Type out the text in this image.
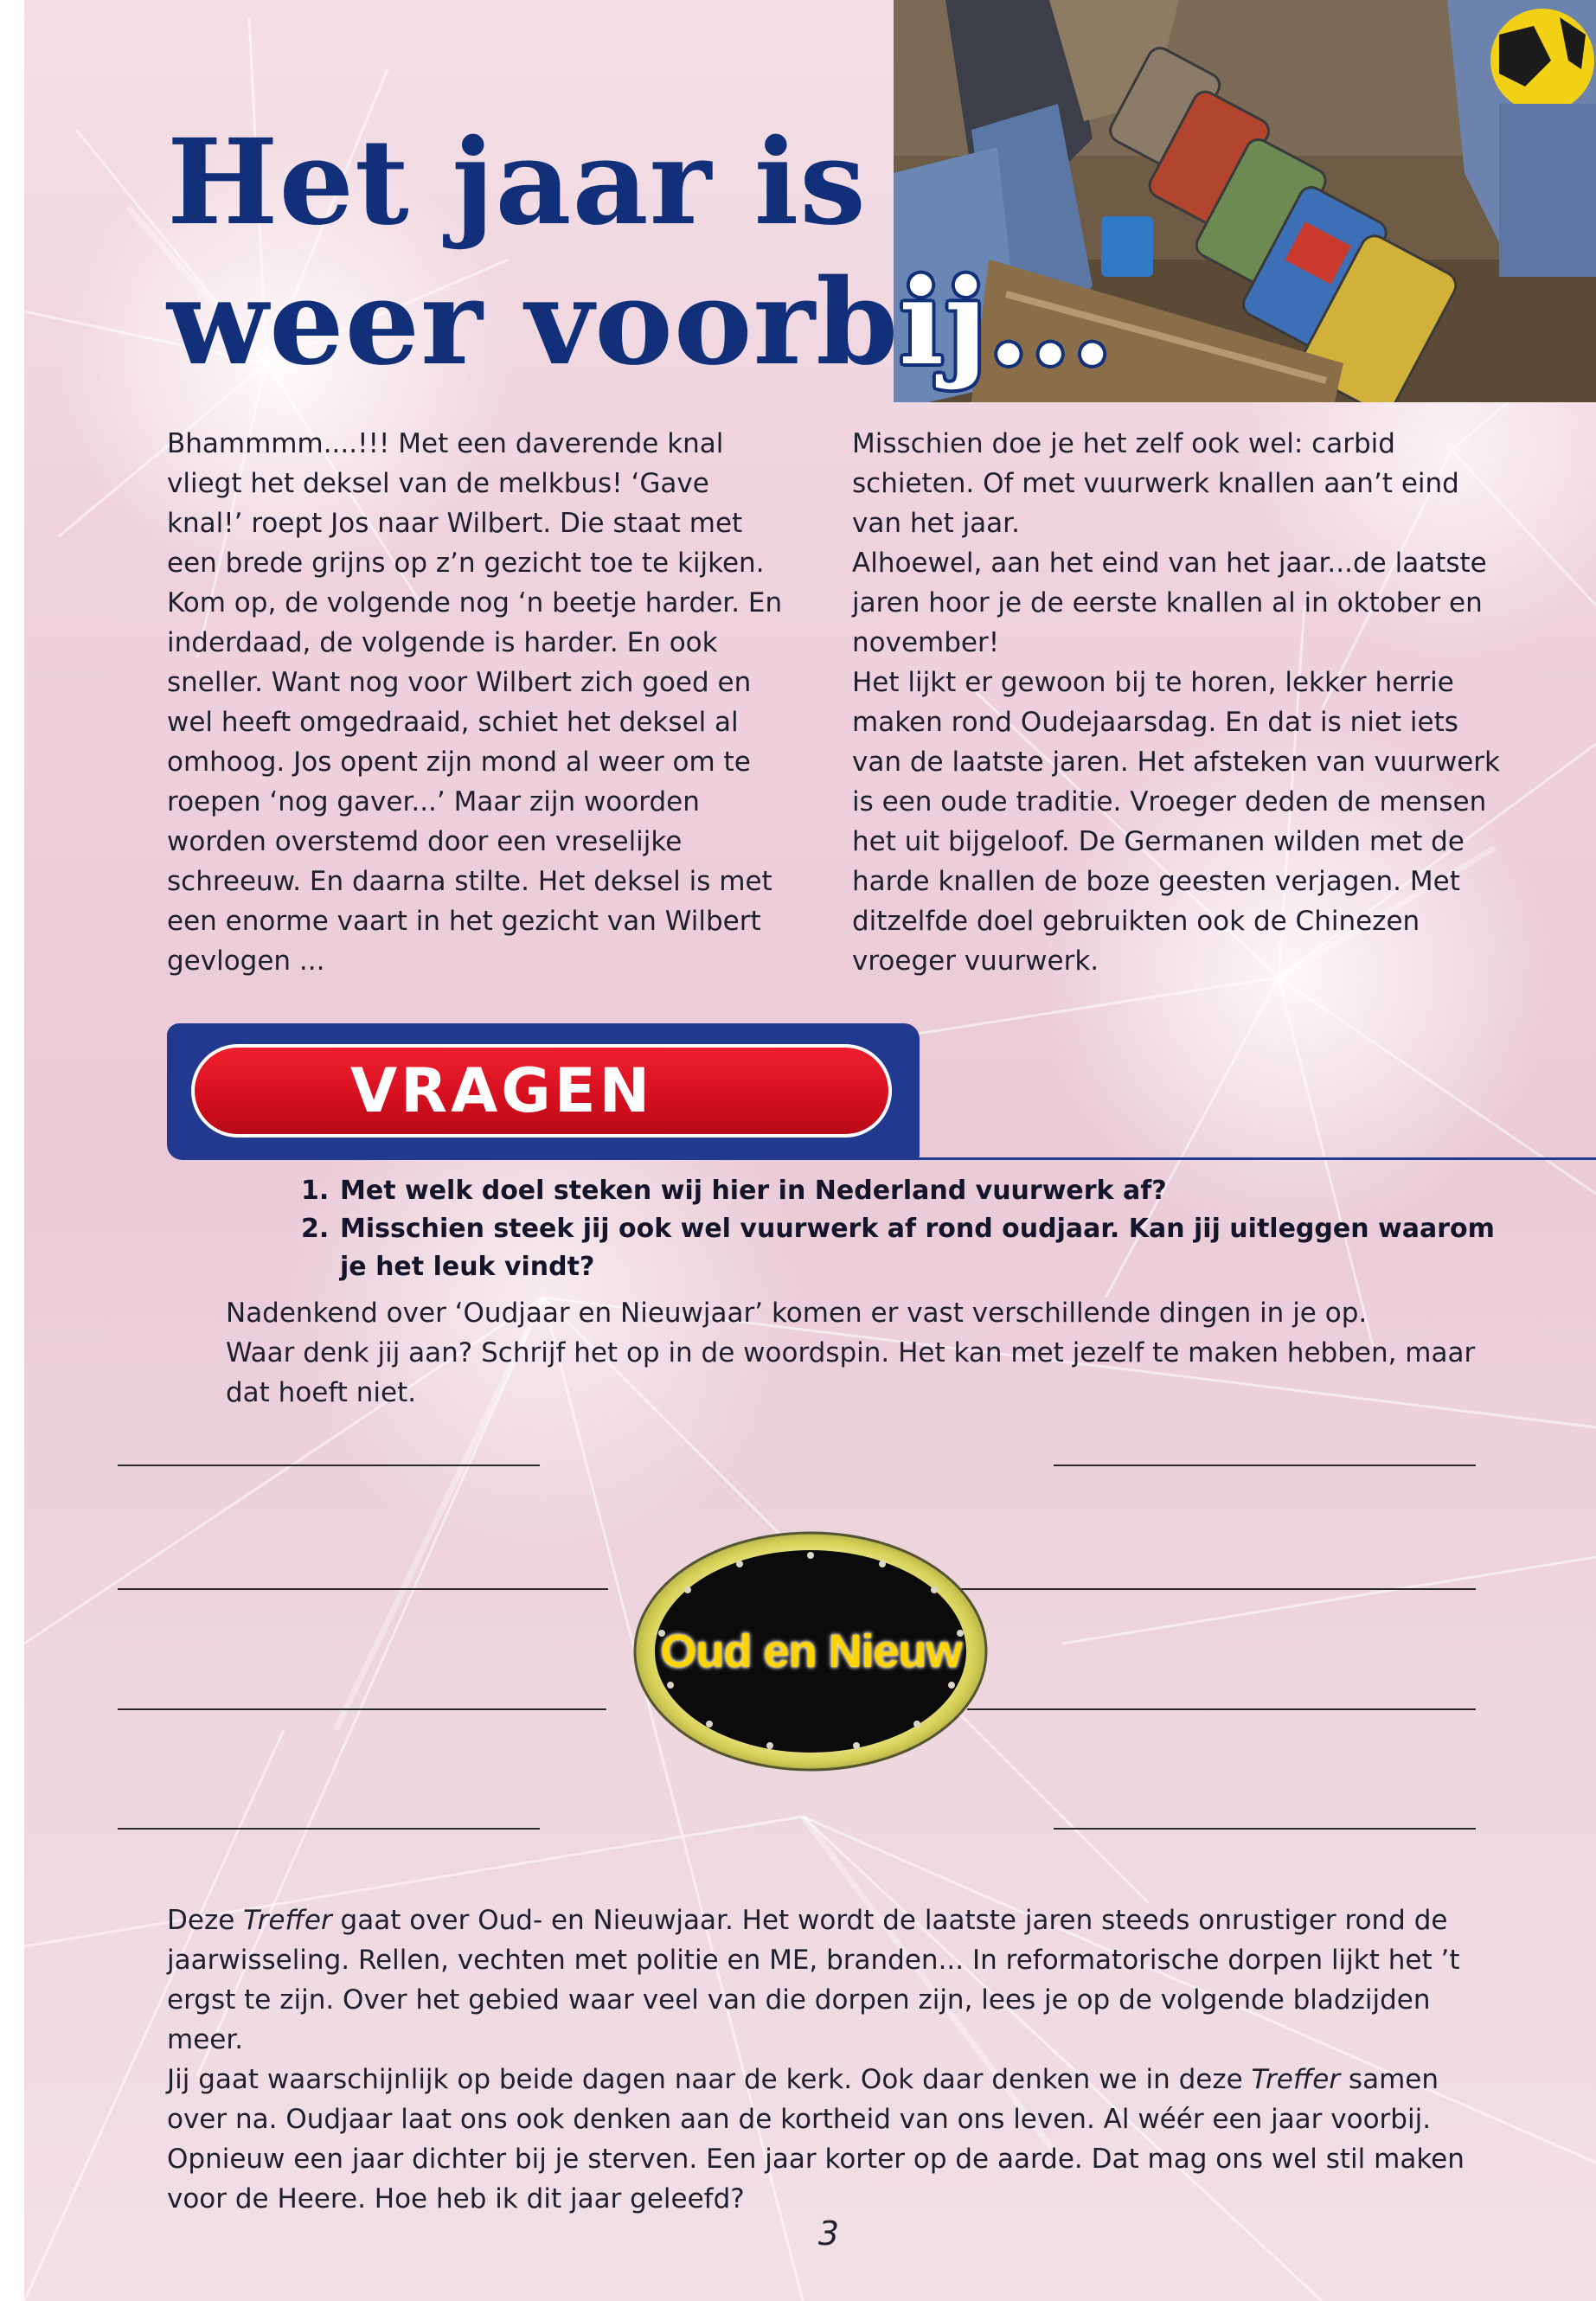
Het jaar is
weer voorbij...

Bhammmm....!!! Met een daverende knal vliegt het deksel van de melkbus! ‘Gave knal!’ roept Jos naar Wilbert. Die staat met een brede grijns op z’n gezicht toe te kijken. Kom op, de volgende nog ‘n beetje harder. En inderdaad, de volgende is harder. En ook sneller. Want nog voor Wilbert zich goed en wel heeft omgedraaid, schiet het deksel al omhoog. Jos opent zijn mond al weer om te roepen ‘nog gaver...’ Maar zijn woorden worden overstemd door een vreselijke schreeuw. En daarna stilte. Het deksel is met een enorme vaart in het gezicht van Wilbert gevlogen ...

Misschien doe je het zelf ook wel: carbid schieten. Of met vuurwerk knallen aan’t eind van het jaar.

Alhoewel, aan het eind van het jaar...de laatste jaren hoor je de eerste knallen al in oktober en november!

Het lijkt er gewoon bij te horen, lekker herrie maken rond Oudejaarsdag. En dat is niet iets van de laatste jaren. Het afsteken van vuurwerk is een oude traditie. Vroeger deden de mensen het uit bijgeloof. De Germanen wilden met de harde knallen de boze geesten verjagen. Met ditzelfde doel gebruikten ook de Chinezen vroeger vuurwerk.

VRAGEN
1. Met welk doel steken wij hier in Nederland vuurwerk af?
2. Misschien steek jij ook wel vuurwerk af rond oudjaar. Kan jij uitleggen waarom je het leuk vindt?

Nadenkend over ‘Oudjaar en Nieuwjaar’ komen er vast verschillende dingen in je op.

Waar denk jij aan? Schrijf het op in de woordspin. Het kan met jezelf te maken hebben, maar dat hoeft niet.

Oud en Nieuw

Deze Treffer gaat over Oud- en Nieuwjaar. Het wordt de laatste jaren steeds onrustiger rond de jaarwisseling. Rellen, vechten met politie en ME, branden... In reformatorische dorpen lijkt het ’t ergst te zijn. Over het gebied waar veel van die dorpen zijn, lees je op de volgende bladzijden meer.

Jij gaat waarschijnlijk op beide dagen naar de kerk. Ook daar denken we in deze Treffer samen over na. Oudjaar laat ons ook denken aan de kortheid van ons leven. Al wéér een jaar voorbij. Opnieuw een jaar dichter bij je sterven. Een jaar korter op de aarde. Dat mag ons wel stil maken voor de Heere. Hoe heb ik dit jaar geleefd?

3
